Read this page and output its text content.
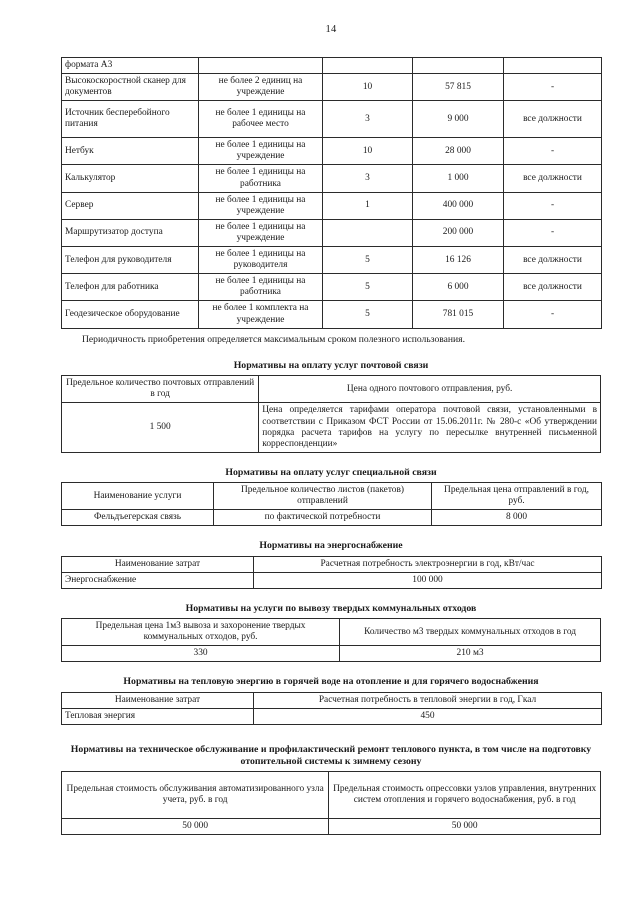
14
формата А3				
Высокоскоростной сканер для документов	не более 2 единиц на учреждение	10	57 815	-
Источник бесперебойного питания	не более 1 единицы на рабочее место	3	9 000	все должности
Нетбук	не более 1 единицы на учреждение	10	28 000	-
Калькулятор	не более 1 единицы на работника	3	1 000	все должности
Сервер	не более 1 единицы на учреждение	1	400 000	-
Маршрутизатор доступа	не более 1 единицы на учреждение		200 000	-
Телефон для руководителя	не более 1 единицы на руководителя	5	16 126	все должности
Телефон для работника	не более 1 единицы на работника	5	6 000	все должности
Геодезическое оборудование	не более 1 комплекта на учреждение	5	781 015	-

Периодичность приобретения определяется максимальным сроком полезного использования.

Нормативы на оплату услуг почтовой связи
Предельное количество почтовых отправлений в год	Цена одного почтового отправления, руб.
1 500	Цена определяется тарифами оператора почтовой связи, установленными в соответствии с Приказом ФСТ России от 15.06.2011г. № 280-с «Об утверждении порядка расчета тарифов на услугу по пересылке внутренней письменной корреспонденции»
Нормативы на оплату услуг специальной связи
Наименование услуги	Предельное количество листов (пакетов) отправлений	Предельная цена отправлений в год, руб.
Фельдъегерская связь	по фактической потребности	8 000
Нормативы на энергоснабжение
Наименование затрат	Расчетная потребность электроэнергии в год, кВт/час
Энергоснабжение	100 000
Нормативы на услуги по вывозу твердых коммунальных отходов
Предельная цена 1м3 вывоза и захоронение твердых коммунальных отходов, руб.	Количество м3 твердых коммунальных отходов в год
330	210 м3
Нормативы на тепловую энергию в горячей воде на отопление и для горячего водоснабжения
Наименование затрат	Расчетная потребность в тепловой энергии в год, Гкал
Тепловая энергия	450
Нормативы на техническое обслуживание и профилактический ремонт теплового пункта, в том числе на подготовку отопительной системы к зимнему сезону
Предельная стоимость обслуживания автоматизированного узла учета, руб. в год	Предельная стоимость опрессовки узлов управления, внутренних систем отопления и горячего водоснабжения, руб. в год
50 000	50 000
